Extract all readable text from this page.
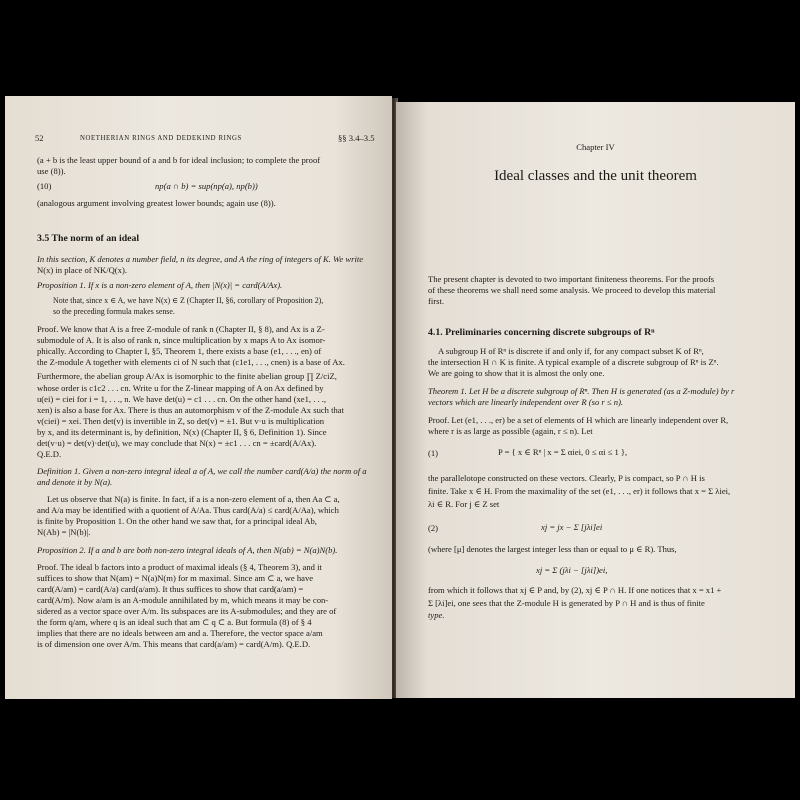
52	NOETHERIAN RINGS AND DEDEKIND RINGS	§§ 3.4–3.5
(a + b is the least upper bound of a and b for ideal inclusion; to complete the proof
use (8)).
(10)	np(a ∩ b) = sup(np(a), np(b))
(analogous argument involving greatest lower bounds; again use (8)).
3.5 The norm of an ideal
In this section, K denotes a number field, n its degree, and A the ring of integers of K. We write
N(x) in place of NK/Q(x).
Proposition 1. If x is a non-zero element of A, then |N(x)| = card(A/Ax).
Note that, since x ∈ A, we have N(x) ∈ Z (Chapter II, §6, corollary of Proposition 2),
so the preceding formula makes sense.
Proof. We know that A is a free Z-module of rank n (Chapter II, § 8), and Ax is a Z-
submodule of A. It is also of rank n, since multiplication by x maps A to Ax isomor-
phically. According to Chapter I, §5, Theorem 1, there exists a base (e1, . . ., en) of
the Z-module A together with elements ci of N such that (c1e1, . . ., cnen) is a base of Ax.
Furthermore, the abelian group A/Ax is isomorphic to the finite abelian group ∏ Z/ciZ,
whose order is c1c2 . . . cn. Write u for the Z-linear mapping of A on Ax defined by
u(ei) = ciei for i = 1, . . ., n. We have det(u) = c1 . . . cn. On the other hand (xe1, . . .,
xen) is also a base for Ax. There is thus an automorphism v of the Z-module Ax such that
v(ciei) = xei. Then det(v) is invertible in Z, so det(v) = ±1. But v·u is multiplication
by x, and its determinant is, by definition, N(x) (Chapter II, § 6, Definition 1). Since
det(v·u) = det(v)·det(u), we may conclude that N(x) = ±c1 . . . cn = ±card(A/Ax).
Q.E.D.
Definition 1. Given a non-zero integral ideal a of A, we call the number card(A/a) the norm of a
and denote it by N(a).
Let us observe that N(a) is finite. In fact, if a is a non-zero element of a, then Aa ⊂ a,
and A/a may be identified with a quotient of A/Aa. Thus card(A/a) ≤ card(A/Aa), which
is finite by Proposition 1. On the other hand we saw that, for a principal ideal Ab,
N(Ab) = |N(b)|.
Proposition 2. If a and b are both non-zero integral ideals of A, then N(ab) = N(a)N(b).
Proof. The ideal b factors into a product of maximal ideals (§ 4, Theorem 3), and it
suffices to show that N(am) = N(a)N(m) for m maximal. Since am ⊂ a, we have
card(A/am) = card(A/a) card(a/am). It thus suffices to show that card(a/am) =
card(A/m). Now a/am is an A-module annihilated by m, which means it may be con-
sidered as a vector space over A/m. Its subspaces are its A-submodules; and they are of
the form q/am, where q is an ideal such that am ⊂ q ⊂ a. But formula (8) of § 4
implies that there are no ideals between am and a. Therefore, the vector space a/am
is of dimension one over A/m. This means that card(a/am) = card(A/m). Q.E.D.
Chapter IV
Ideal classes and the unit theorem
The present chapter is devoted to two important finiteness theorems. For the proofs
of these theorems we shall need some analysis. We proceed to develop this material
first.
4.1. Preliminaries concerning discrete subgroups of Rⁿ
A subgroup H of Rⁿ is discrete if and only if, for any compact subset K of Rⁿ,
the intersection H ∩ K is finite. A typical example of a discrete subgroup of Rⁿ is Zⁿ.
We are going to show that it is almost the only one.
Theorem 1. Let H be a discrete subgroup of Rⁿ. Then H is generated (as a Z-module) by r
vectors which are linearly independent over R (so r ≤ n).
Proof. Let (e1, . . ., er) be a set of elements of H which are linearly independent over R,
where r is as large as possible (again, r ≤ n). Let
(1)	P = { x ∈ Rⁿ | x = Σ αiei, 0 ≤ αi ≤ 1 },
the parallelotope constructed on these vectors. Clearly, P is compact, so P ∩ H is
finite. Take x ∈ H. From the maximality of the set (e1, . . ., er) it follows that x = Σ λiei,
λi ∈ R. For j ∈ Z set
(2)	xj = jx − Σ [jλi]ei
(where [μ] denotes the largest integer less than or equal to μ ∈ R). Thus,
xj = Σ (jλi − [jλi])ei,
from which it follows that xj ∈ P and, by (2), xj ∈ P ∩ H. If one notices that x = x1 +
Σ [λi]ei, one sees that the Z-module H is generated by P ∩ H and is thus of finite
type.
